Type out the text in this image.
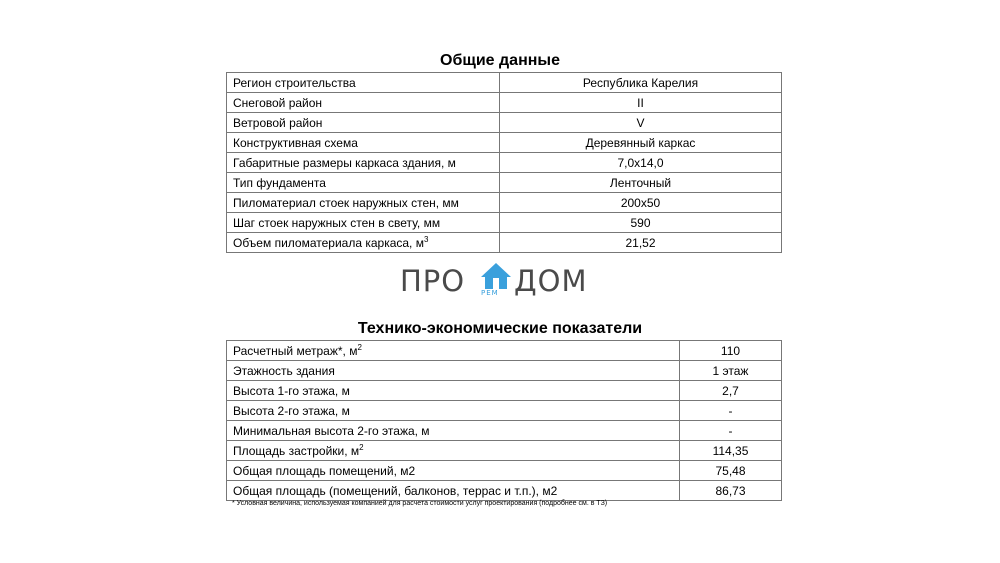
Общие данные
Регион строительства	Республика Карелия
Снеговой район	II
Ветровой район	V
Конструктивная схема	Деревянный каркас
Габаритные размеры каркаса здания, м	7,0х14,0
Тип фундамента	Ленточный
Пиломатериал стоек наружных стен, мм	200х50
Шаг стоек наружных стен в свету, мм	590
Объем пиломатериала каркаса, $м^3$	21,52
ПРО РЕМ ДОМ
Технико-экономические показатели
Расчетный метраж*, $м^2$	110
Этажность здания	1 этаж
Высота 1-го этажа, м	2,7
Высота 2-го этажа, м	-
Минимальная высота 2-го этажа, м	-
Площадь застройки, $м^2$	114,35
Общая площадь помещений, м2	75,48
Общая площадь (помещений, балконов, террас и т.п.), м2	86,73
* Условная величина, используемая компанией для расчета стоимости услуг проектирования (подробнее см. в ТЗ)
